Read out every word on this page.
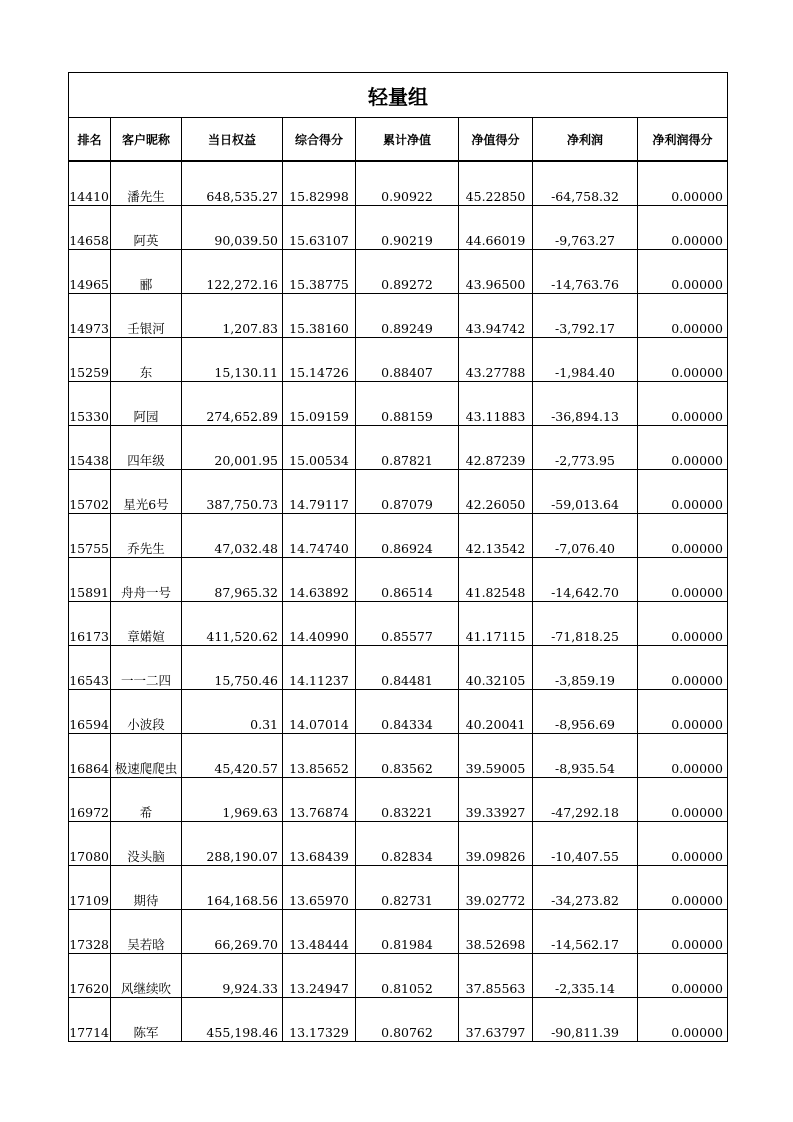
轻量组							
排名	客户昵称	当日权益	综合得分	累计净值	净值得分	净利润	净利润得分
14410	潘先生	648,535.27	15.82998	0.90922	45.22850	-64,758.32	0.00000
14658	阿英	90,039.50	15.63107	0.90219	44.66019	-9,763.27	0.00000
14965	郦	122,272.16	15.38775	0.89272	43.96500	-14,763.76	0.00000
14973	壬银河	1,207.83	15.38160	0.89249	43.94742	-3,792.17	0.00000
15259	东	15,130.11	15.14726	0.88407	43.27788	-1,984.40	0.00000
15330	阿园	274,652.89	15.09159	0.88159	43.11883	-36,894.13	0.00000
15438	四年级	20,001.95	15.00534	0.87821	42.87239	-2,773.95	0.00000
15702	星光6号	387,750.73	14.79117	0.87079	42.26050	-59,013.64	0.00000
15755	乔先生	47,032.48	14.74740	0.86924	42.13542	-7,076.40	0.00000
15891	舟舟一号	87,965.32	14.63892	0.86514	41.82548	-14,642.70	0.00000
16173	章婼媗	411,520.62	14.40990	0.85577	41.17115	-71,818.25	0.00000
16543	一一二四	15,750.46	14.11237	0.84481	40.32105	-3,859.19	0.00000
16594	小波段	0.31	14.07014	0.84334	40.20041	-8,956.69	0.00000
16864	极速爬爬虫	45,420.57	13.85652	0.83562	39.59005	-8,935.54	0.00000
16972	希	1,969.63	13.76874	0.83221	39.33927	-47,292.18	0.00000
17080	没头脑	288,190.07	13.68439	0.82834	39.09826	-10,407.55	0.00000
17109	期待	164,168.56	13.65970	0.82731	39.02772	-34,273.82	0.00000
17328	吴若晗	66,269.70	13.48444	0.81984	38.52698	-14,562.17	0.00000
17620	风继续吹	9,924.33	13.24947	0.81052	37.85563	-2,335.14	0.00000
17714	陈军	455,198.46	13.17329	0.80762	37.63797	-90,811.39	0.00000
